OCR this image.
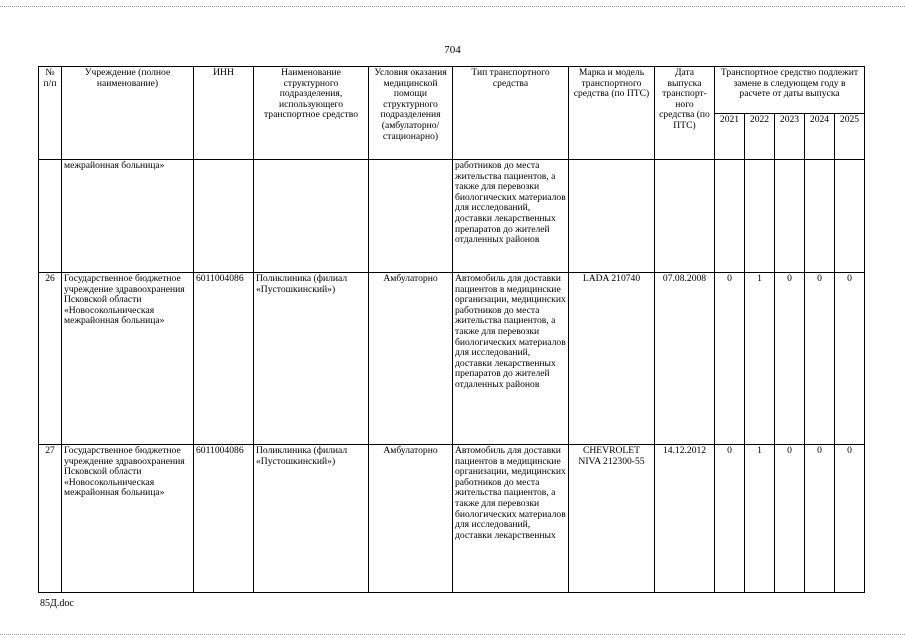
704
№ п/п	Учреждение (полное наименование)	ИНН	Наименование структурного подразделения, использующего транспортное средство	Условия оказания медицинской помощи структурного подразделения (амбулаторно/ стационарно)	Тип транспортного средства	Марка и модель транспортного средства (по ПТС)	Дата выпуска транспорт-ного средства (по ПТС)	Транспортное средство подлежит замене в следующем году в расчете от даты выпуска				
								2021	2022	2023	2024	2025
	межрайонная больница»				работников до места жительства пациентов, а также для перевозки биологических материалов для исследований, доставки лекарственных препаратов до жителей отдаленных районов							
26	Государственное бюджетное учреждение здравоохранения Псковской области «Новосокольническая межрайонная больница»	6011004086	Поликлиника (филиал «Пустошкинский»)	Амбулаторно	Автомобиль для доставки пациентов в медицинские организации, медицинских работников до места жительства пациентов, а также для перевозки биологических материалов для исследований, доставки лекарственных препаратов до жителей отдаленных районов	LADA 210740	07.08.2008	0	1	0	0	0
27	Государственное бюджетное учреждение здравоохранения Псковской области «Новосокольническая межрайонная больница»	6011004086	Поликлиника (филиал «Пустошкинский»)	Амбулаторно	Автомобиль для доставки пациентов в медицинские организации, медицинских работников до места жительства пациентов, а также для перевозки биологических материалов для исследований, доставки лекарственных	CHEVROLET NIVA 212300-55	14.12.2012	0	1	0	0	0
85Д.doc
